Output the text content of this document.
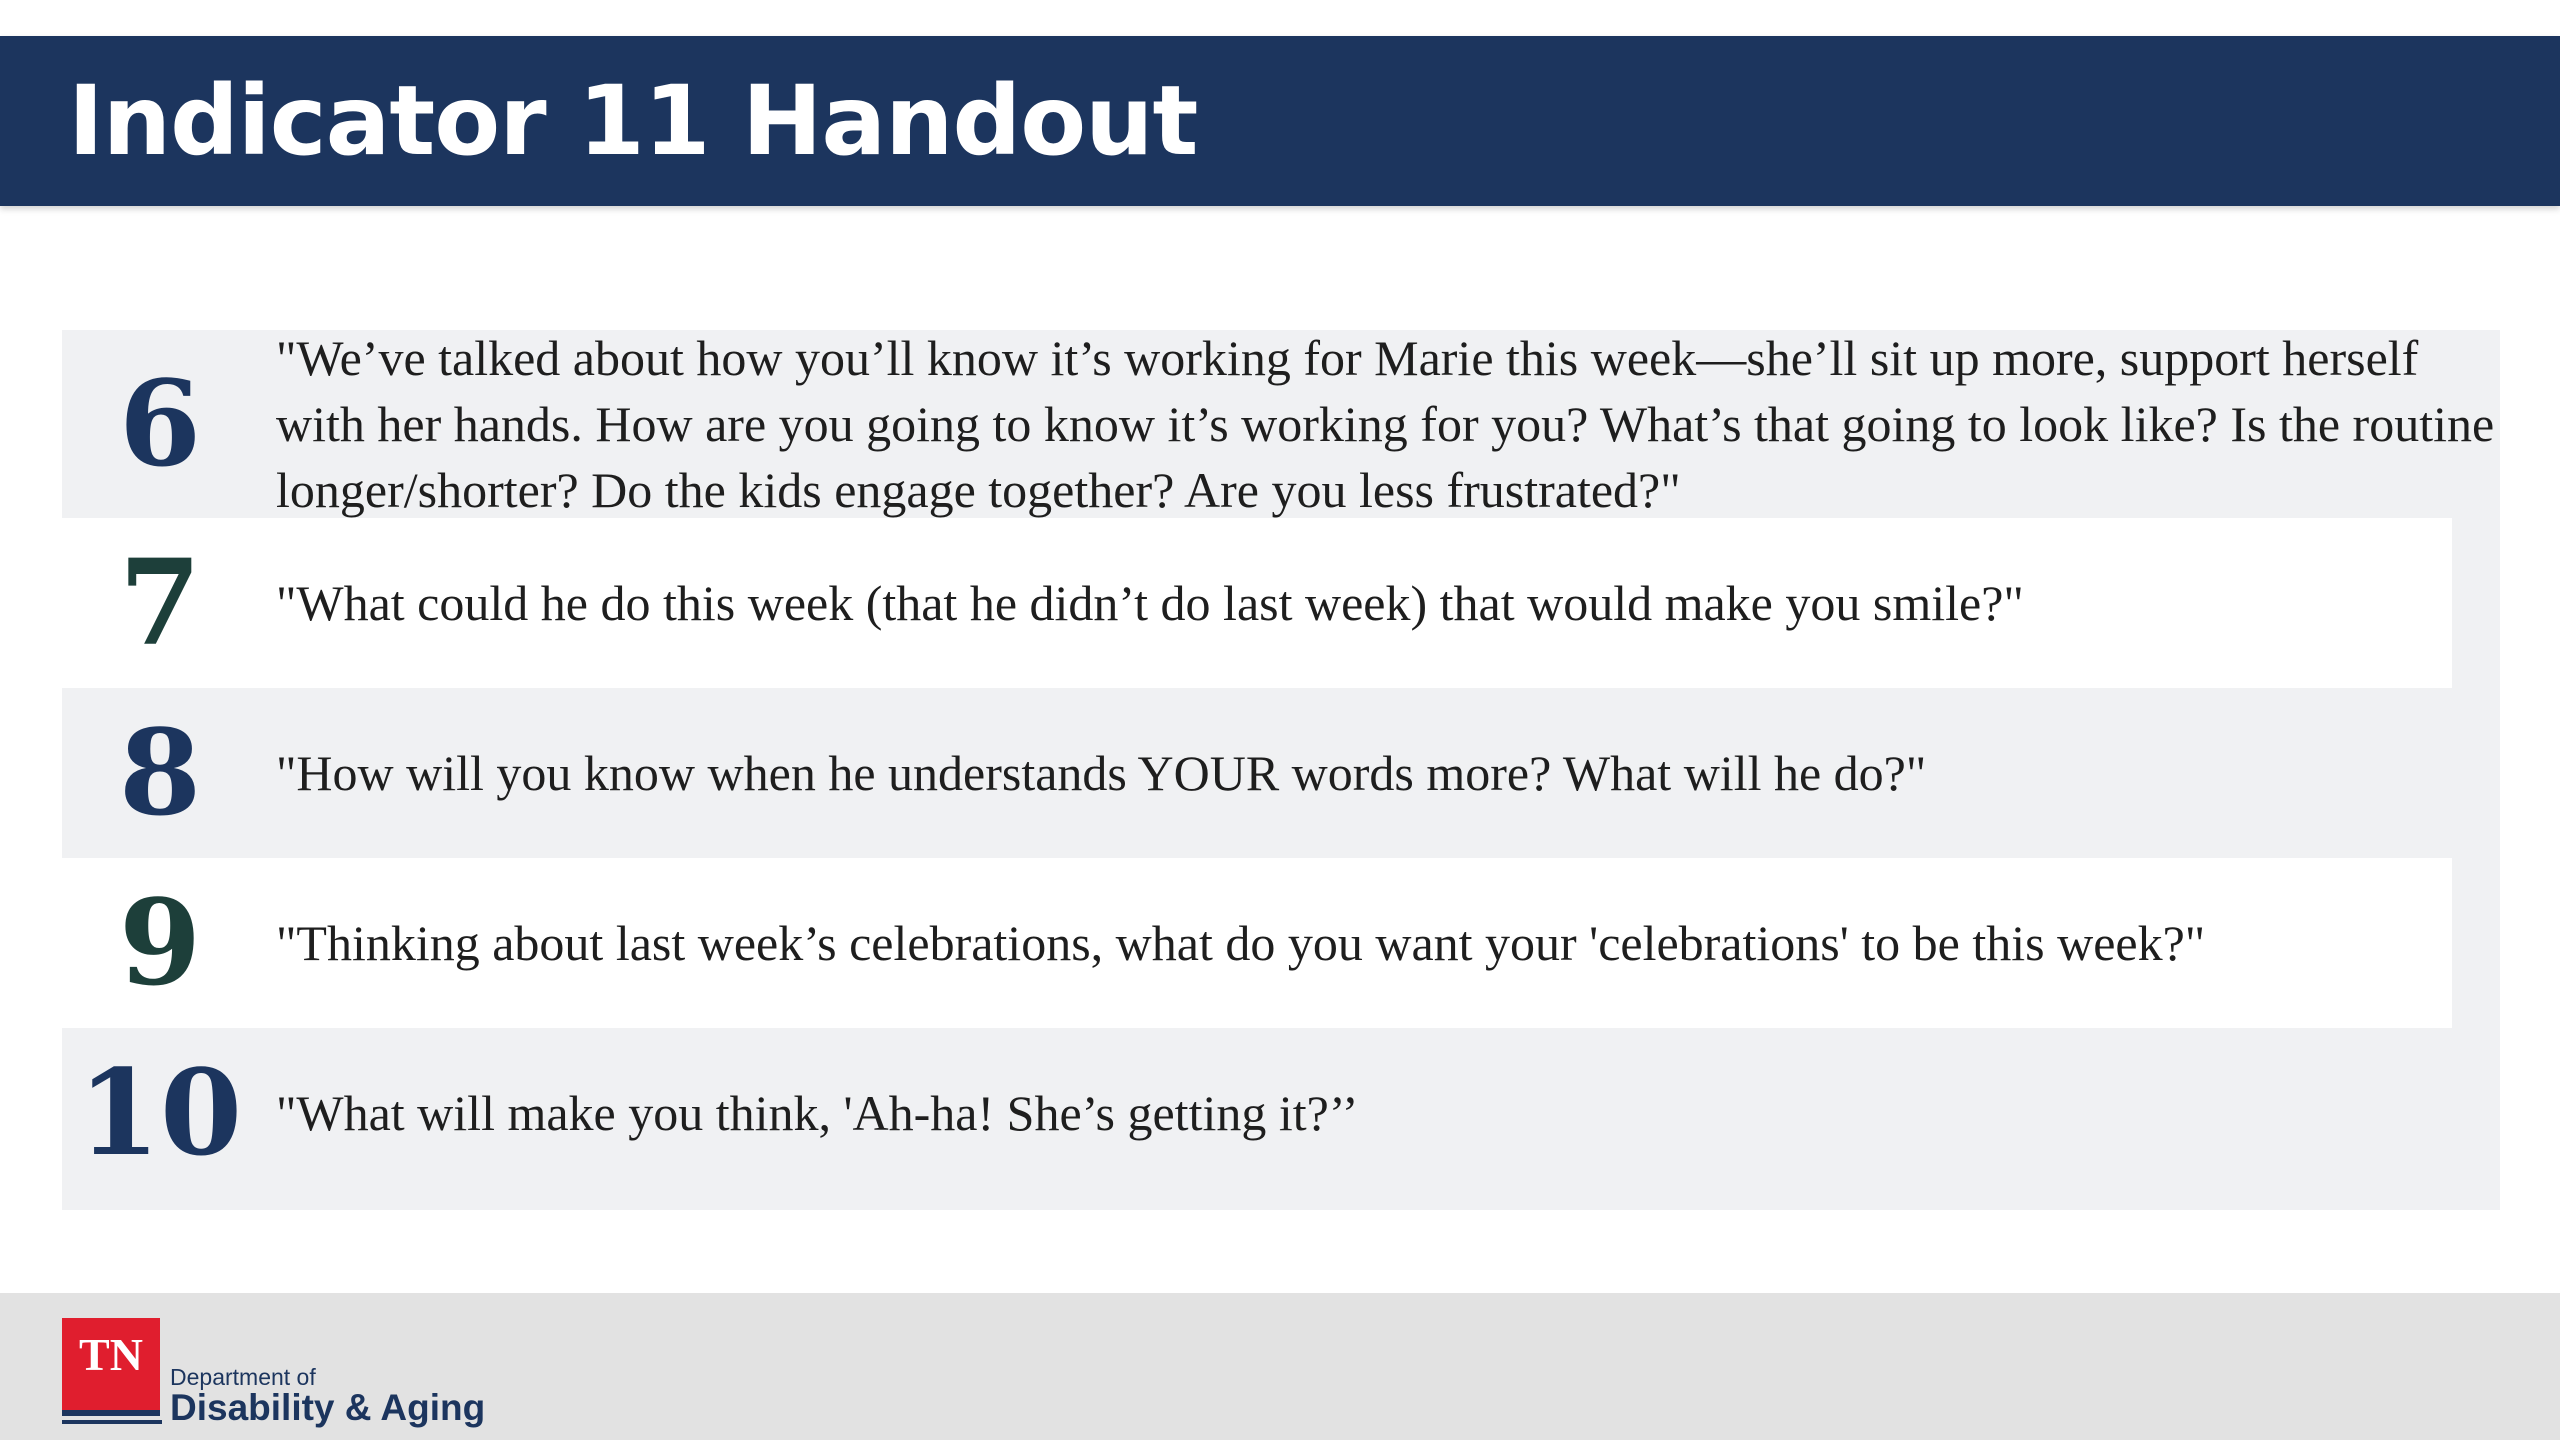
Indicator 11 Handout
6	"We’ve talked about how you’ll know it’s working for Marie this week—she’ll sit up more, support herself with her hands. How are you going to know it’s working for you? What’s that going to look like? Is the routine longer/shorter? Do the kids engage together? Are you less frustrated?"
7	"What could he do this week (that he didn’t do last week) that would make you smile?"
8	"How will you know when he understands YOUR words more? What will he do?"
9	"Thinking about last week’s celebrations, what do you want your 'celebrations' to be this week?"
10 "What will make you think, 'Ah-ha! She’s getting it?’’
TN	Department of
Disability & Aging
